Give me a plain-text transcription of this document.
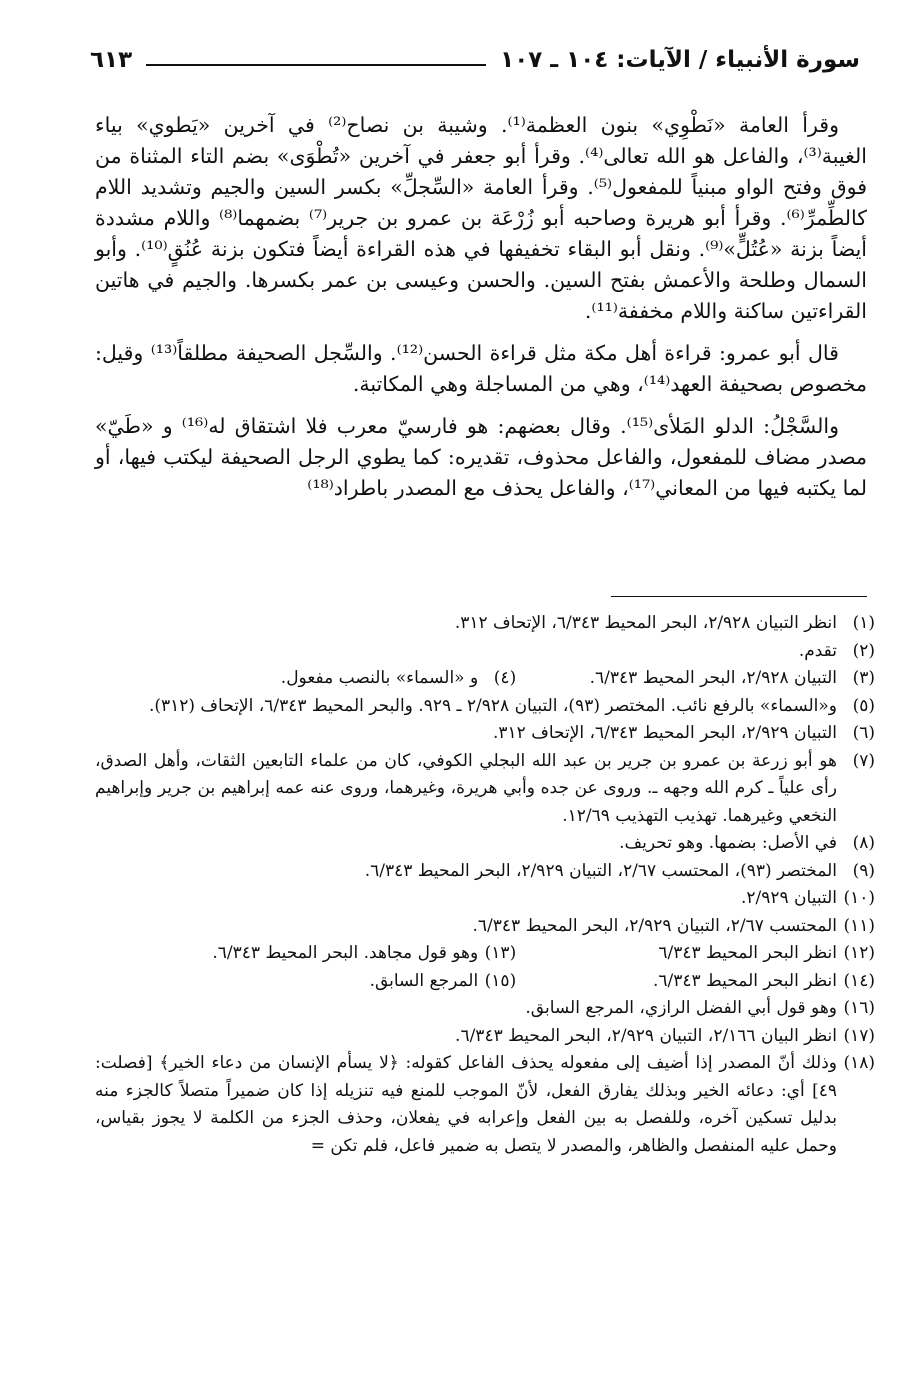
سورة الأنبياء / الآيات: ١٠٤ ـ ١٠٧
٦١٣

وقرأ العامة «نَطْوِي» بنون العظمة⁽¹⁾. وشيبة بن نصاح⁽²⁾ في آخرين «يَطوي» بياء الغيبة⁽³⁾، والفاعل هو الله تعالى⁽⁴⁾. وقرأ أبو جعفر في آخرين «تُطْوَى» بضم التاء المثناة من فوق وفتح الواو مبنياً للمفعول⁽⁵⁾. وقرأ العامة «السِّجلِّ» بكسر السين والجيم وتشديد اللام كالطِّمرِّ⁽⁶⁾. وقرأ أبو هريرة وصاحبه أبو زُرْعَة بن عمرو بن جرير⁽⁷⁾ بضمهما⁽⁸⁾ واللام مشددة أيضاً بزنة «عُتُلٍّ»⁽⁹⁾. ونقل أبو البقاء تخفيفها في هذه القراءة أيضاً فتكون بزنة عُنُقٍ⁽¹⁰⁾. وأبو السمال وطلحة والأعمش بفتح السين. والحسن وعيسى بن عمر بكسرها. والجيم في هاتين القراءتين ساكنة واللام مخففة⁽¹¹⁾.

قال أبو عمرو: قراءة أهل مكة مثل قراءة الحسن⁽¹²⁾. والسِّجل الصحيفة مطلقاً⁽¹³⁾ وقيل: مخصوص بصحيفة العهد⁽¹⁴⁾، وهي من المساجلة وهي المكاتبة.

والسَّجْلُ: الدلو المَلأى⁽¹⁵⁾. وقال بعضهم: هو فارسيّ معرب فلا اشتقاق له⁽¹⁶⁾ و «طَيّ» مصدر مضاف للمفعول، والفاعل محذوف، تقديره: كما يطوي الرجل الصحيفة ليكتب فيها، أو لما يكتبه فيها من المعاني⁽¹⁷⁾، والفاعل يحذف مع المصدر باطراد⁽¹⁸⁾

(١)
انظر التبيان ٢/٩٢٨، البحر المحيط ٦/٣٤٣، الإتحاف ٣١٢.
(٢)
تقدم.
(٣)
التبيان ٢/٩٢٨، البحر المحيط ٦/٣٤٣.
(٤)
و «السماء» بالنصب مفعول.
(٥)
و«السماء» بالرفع نائب. المختصر (٩٣)، التبيان ٢/٩٢٨ ـ ٩٢٩. والبحر المحيط ٦/٣٤٣، الإتحاف (٣١٢).
(٦)
التبيان ٢/٩٢٩، البحر المحيط ٦/٣٤٣، الإتحاف ٣١٢.
(٧)
هو أبو زرعة بن عمرو بن جرير بن عبد الله البجلي الكوفي، كان من علماء التابعين الثقات، وأهل الصدق، رأى علياً ـ كرم الله وجهه ـ. وروى عن جده وأبي هريرة، وغيرهما، وروى عنه عمه إبراهيم بن جرير وإبراهيم النخعي وغيرهما. تهذيب التهذيب ١٢/٦٩.
(٨)
في الأصل: بضمها. وهو تحريف.
(٩)
المختصر (٩٣)، المحتسب ٢/٦٧، التبيان ٢/٩٢٩، البحر المحيط ٦/٣٤٣.
(١٠)
التبيان ٢/٩٢٩.
(١١)
المحتسب ٢/٦٧، التبيان ٢/٩٢٩، البحر المحيط ٦/٣٤٣.
(١٢)
انظر البحر المحيط ٦/٣٤٣
(١٣)
وهو قول مجاهد. البحر المحيط ٦/٣٤٣.
(١٤)
انظر البحر المحيط ٦/٣٤٣.
(١٥)
المرجع السابق.
(١٦)
وهو قول أبي الفضل الرازي، المرجع السابق.
(١٧)
انظر البيان ٢/١٦٦، التبيان ٢/٩٢٩، البحر المحيط ٦/٣٤٣.
(١٨)
وذلك أنّ المصدر إذا أضيف إلى مفعوله يحذف الفاعل كقوله: ﴿لا يسأم الإنسان من دعاء الخير﴾ [فصلت: ٤٩] أي: دعائه الخير وبذلك يفارق الفعل، لأنّ الموجب للمنع فيه تنزيله إذا كان ضميراً متصلاً كالجزء منه بدليل تسكين آخره، وللفصل به بين الفعل وإعرابه في يفعلان، وحذف الجزء من الكلمة لا يجوز بقياس، وحمل عليه المنفصل والظاهر، والمصدر لا يتصل به ضمير فاعل، فلم تكن =
